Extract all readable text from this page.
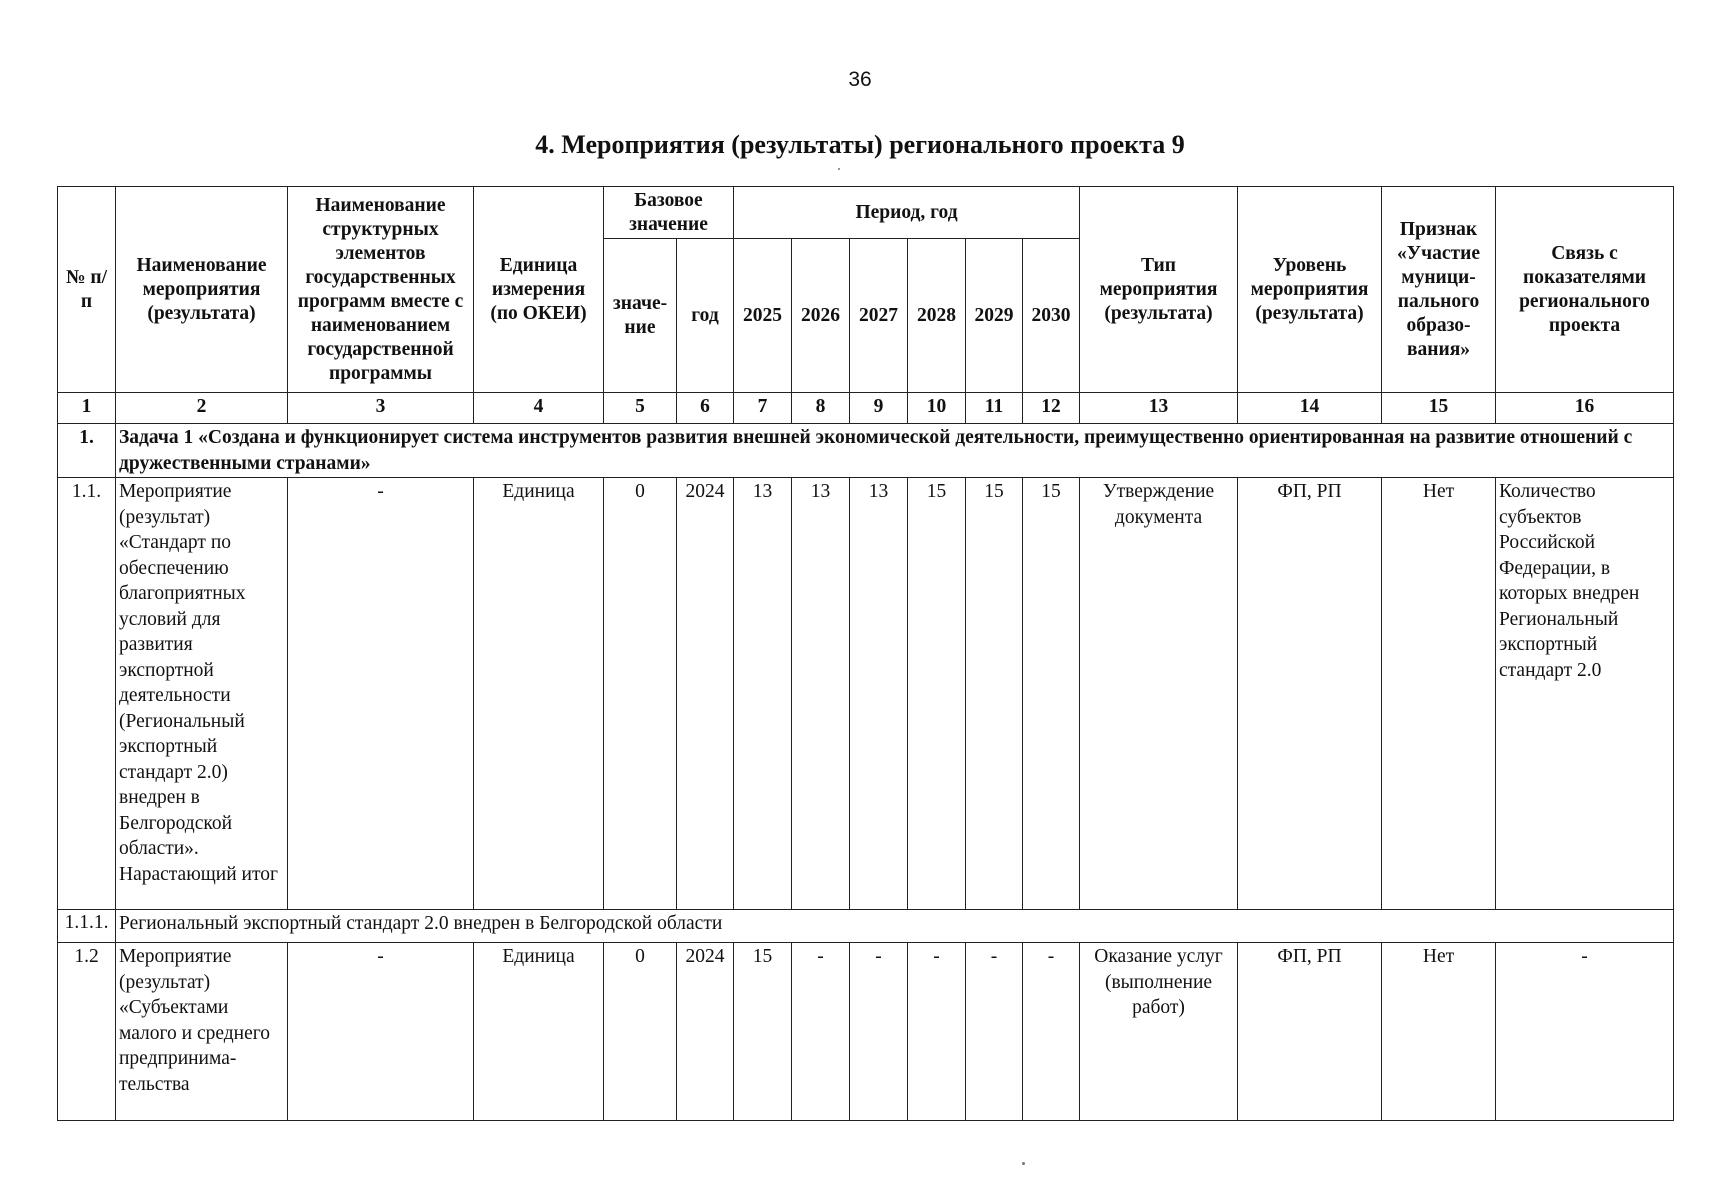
36
4. Мероприятия (результаты) регионального проекта 9
№ п/п	Наименование мероприятия (результата)	Наименование структурных элементов государственных программ вместе с наименованием государственной программы	Единица измерения (по ОКЕИ)	Базовое значение		Период, год						Тип мероприятия (результата)	Уровень мероприятия (результата)	Признак «Участие муници-пального образо-вания»	Связь с показателями регионального проекта
				значе-ние	год	2025	2026	2027	2028	2029	2030				
1	2	3	4	5	6	7	8	9	10	11	12	13	14	15	16
1.	Задача 1 «Создана и функционирует система инструментов развития внешней экономической деятельности, преимущественно ориентированная на развитие отношений с дружественными странами»														
1.1.	Мероприятие (результат) «Стандарт по обеспечению благоприятных условий для развития экспортной деятельности (Региональный экспортный стандарт 2.0) внедрен в Белгородской области». Нарастающий итог	-	Единица	0	2024	13	13	13	15	15	15	Утверждение документа	ФП, РП	Нет	Количество субъектов Российской Федерации, в которых внедрен Региональный экспортный стандарт 2.0
1.1.1.	Региональный экспортный стандарт 2.0 внедрен в Белгородской области														
1.2	Мероприятие (результат) «Субъектами малого и среднего предпринима-тельства	-	Единица	0	2024	15	-	-	-	-	-	Оказание услуг (выполнение работ)	ФП, РП	Нет	-
